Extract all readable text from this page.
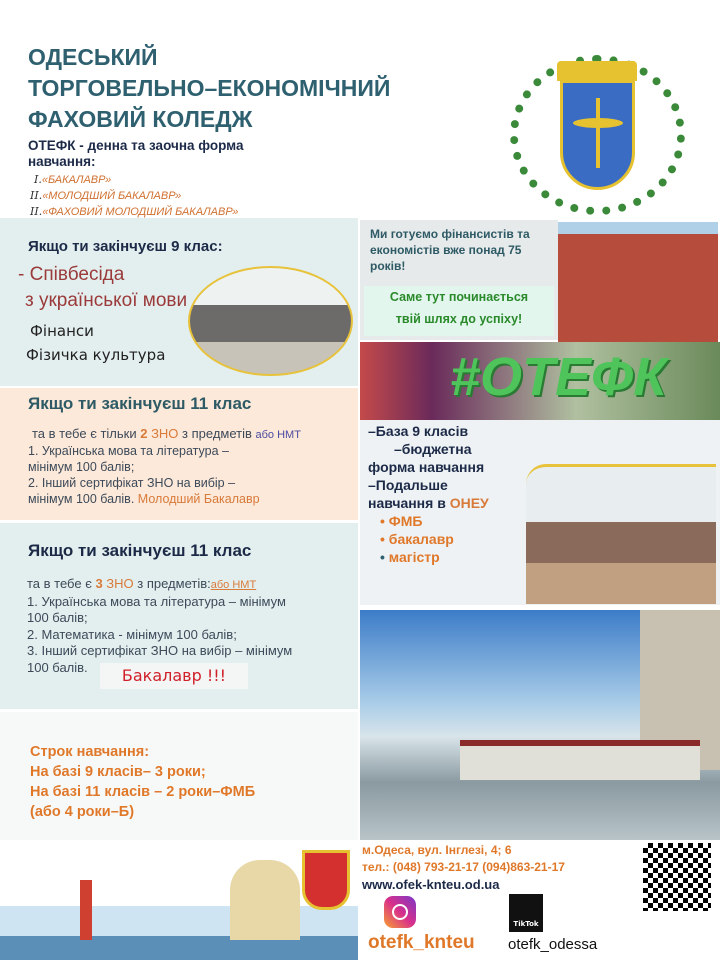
ОДЕСЬКИЙ
ТОРГОВЕЛЬНО–ЕКОНОМІЧНИЙ
ФАХОВИЙ КОЛЕДЖ
ОТЕФК - денна та заочна форма навчання:
I.«БАКАЛАВР»
II.«МОЛОДШИЙ БАКАЛАВР»
II.«ФАХОВИЙ МОЛОДШИЙ БАКАЛАВР»
Якщо ти закінчуєш 9 клас:
- Співбесіда
з української мови
Фінанси
Фізичка культура
Якщо ти закінчуєш 11 клас
та в тебе є тільки 2 ЗНО з предметів або НМТ
1. Українська мова та література –
мінімум 100 балів;
2. Інший сертифікат ЗНО на вибір –
мінімум 100 балів. Молодший Бакалавр
Якщо ти закінчуєш 11 клас
та в тебе є 3 ЗНО з предметів:або НМТ
1. Українська мова та література – мінімум
100 балів;
2. Математика - мінімум 100 балів;
3. Інший сертифікат ЗНО на вибір – мінімум
100 балів.	Бакалавр !!!
Строк навчання:
На базі 9 класів– 3 роки;
На базі 11 класів – 2 роки–ФМБ
(або 4 роки–Б)
Ми готуємо фінансистів та економістів вже понад 75 років!
Саме тут починається
твій шлях до успіху!
#ОТЕФК
–База 9 класів
–бюджетна
форма навчання
–Подальше
навчання в ОНЕУ
• ФМБ
• бакалавр
• магістр
м.Одеса, вул. Інглезі, 4; 6
тел.: (048) 793-21-17 (094)863-21-17
www.ofek-knteu.od.ua
otefk_knteu
TikTok
otefk_odessa
